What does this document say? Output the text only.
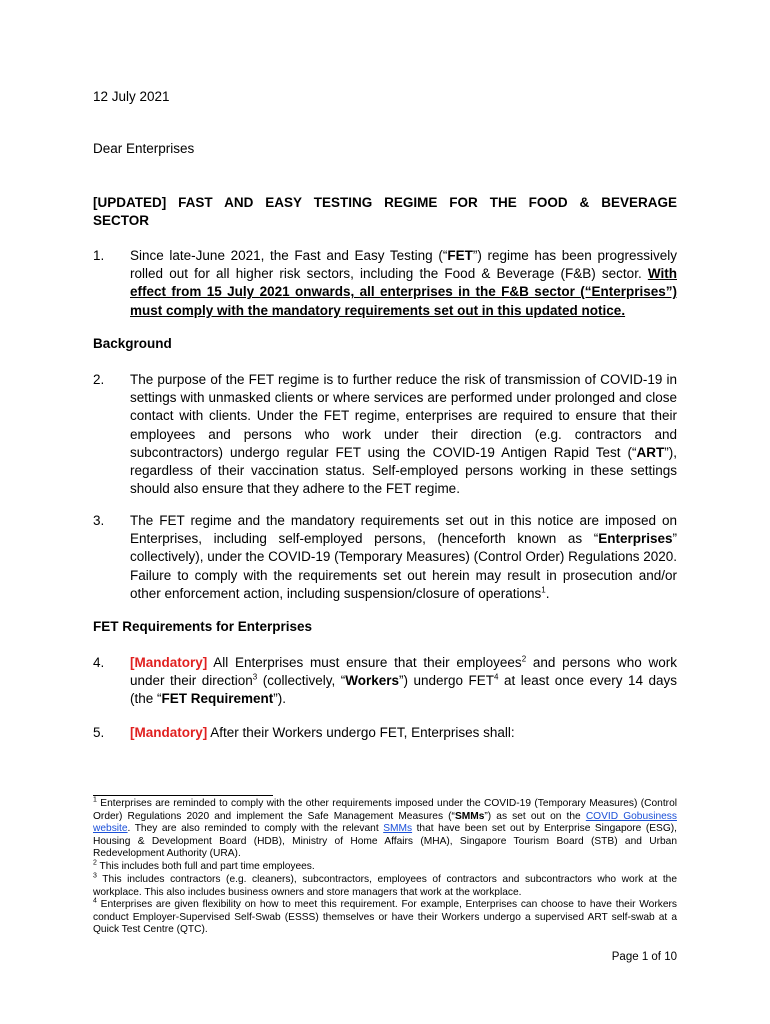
12 July 2021
Dear Enterprises
[UPDATED] FAST AND EASY TESTING REGIME FOR THE FOOD & BEVERAGE SECTOR
1. Since late-June 2021, the Fast and Easy Testing (“FET”) regime has been progressively rolled out for all higher risk sectors, including the Food & Beverage (F&B) sector. With effect from 15 July 2021 onwards, all enterprises in the F&B sector (“Enterprises”) must comply with the mandatory requirements set out in this updated notice.
Background
2. The purpose of the FET regime is to further reduce the risk of transmission of COVID-19 in settings with unmasked clients or where services are performed under prolonged and close contact with clients. Under the FET regime, enterprises are required to ensure that their employees and persons who work under their direction (e.g. contractors and subcontractors) undergo regular FET using the COVID-19 Antigen Rapid Test (“ART”), regardless of their vaccination status. Self-employed persons working in these settings should also ensure that they adhere to the FET regime.
3. The FET regime and the mandatory requirements set out in this notice are imposed on Enterprises, including self-employed persons, (henceforth known as “Enterprises” collectively), under the COVID-19 (Temporary Measures) (Control Order) Regulations 2020. Failure to comply with the requirements set out herein may result in prosecution and/or other enforcement action, including suspension/closure of operations$^1$.
FET Requirements for Enterprises
4. [Mandatory] All Enterprises must ensure that their employees$^2$ and persons who work under their direction$^3$ (collectively, “Workers”) undergo FET$^4$ at least once every 14 days (the “FET Requirement”).
5. [Mandatory] After their Workers undergo FET, Enterprises shall:
$^1$ Enterprises are reminded to comply with the other requirements imposed under the COVID-19 (Temporary Measures) (Control Order) Regulations 2020 and implement the Safe Management Measures (“SMMs”) as set out on the COVID Gobusiness website. They are also reminded to comply with the relevant SMMs that have been set out by Enterprise Singapore (ESG), Housing & Development Board (HDB), Ministry of Home Affairs (MHA), Singapore Tourism Board (STB) and Urban Redevelopment Authority (URA).
$^2$ This includes both full and part time employees.
$^3$ This includes contractors (e.g. cleaners), subcontractors, employees of contractors and subcontractors who work at the workplace. This also includes business owners and store managers that work at the workplace.
$^4$ Enterprises are given flexibility on how to meet this requirement. For example, Enterprises can choose to have their Workers conduct Employer-Supervised Self-Swab (ESSS) themselves or have their Workers undergo a supervised ART self-swab at a Quick Test Centre (QTC).
Page 1 of 10
